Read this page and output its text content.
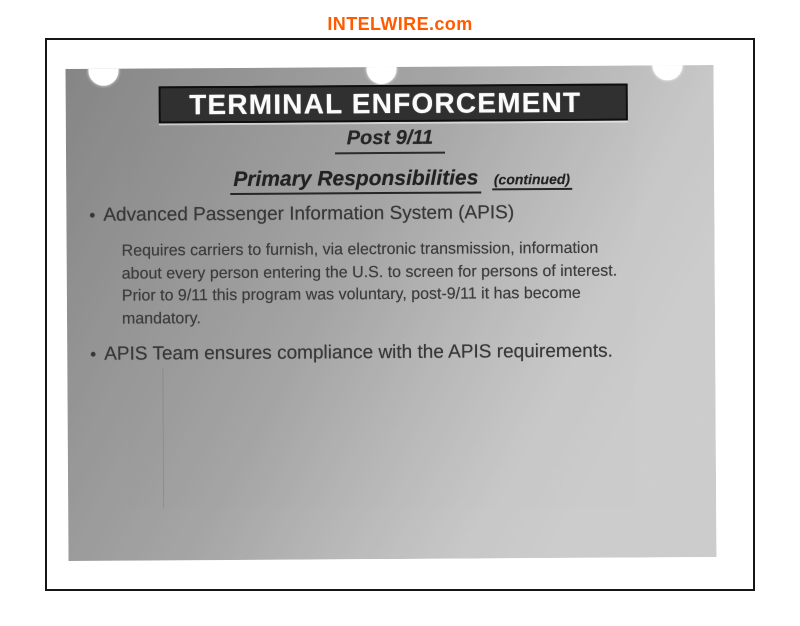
INTELWIRE.com
TERMINAL ENFORCEMENT
Post 9/11
Primary Responsibilities (continued)
• Advanced Passenger Information System (APIS)
Requires carriers to furnish, via electronic transmission, information
about every person entering the U.S. to screen for persons of interest.
Prior to 9/11 this program was voluntary, post-9/11 it has become
mandatory.
• APIS Team ensures compliance with the APIS requirements.
